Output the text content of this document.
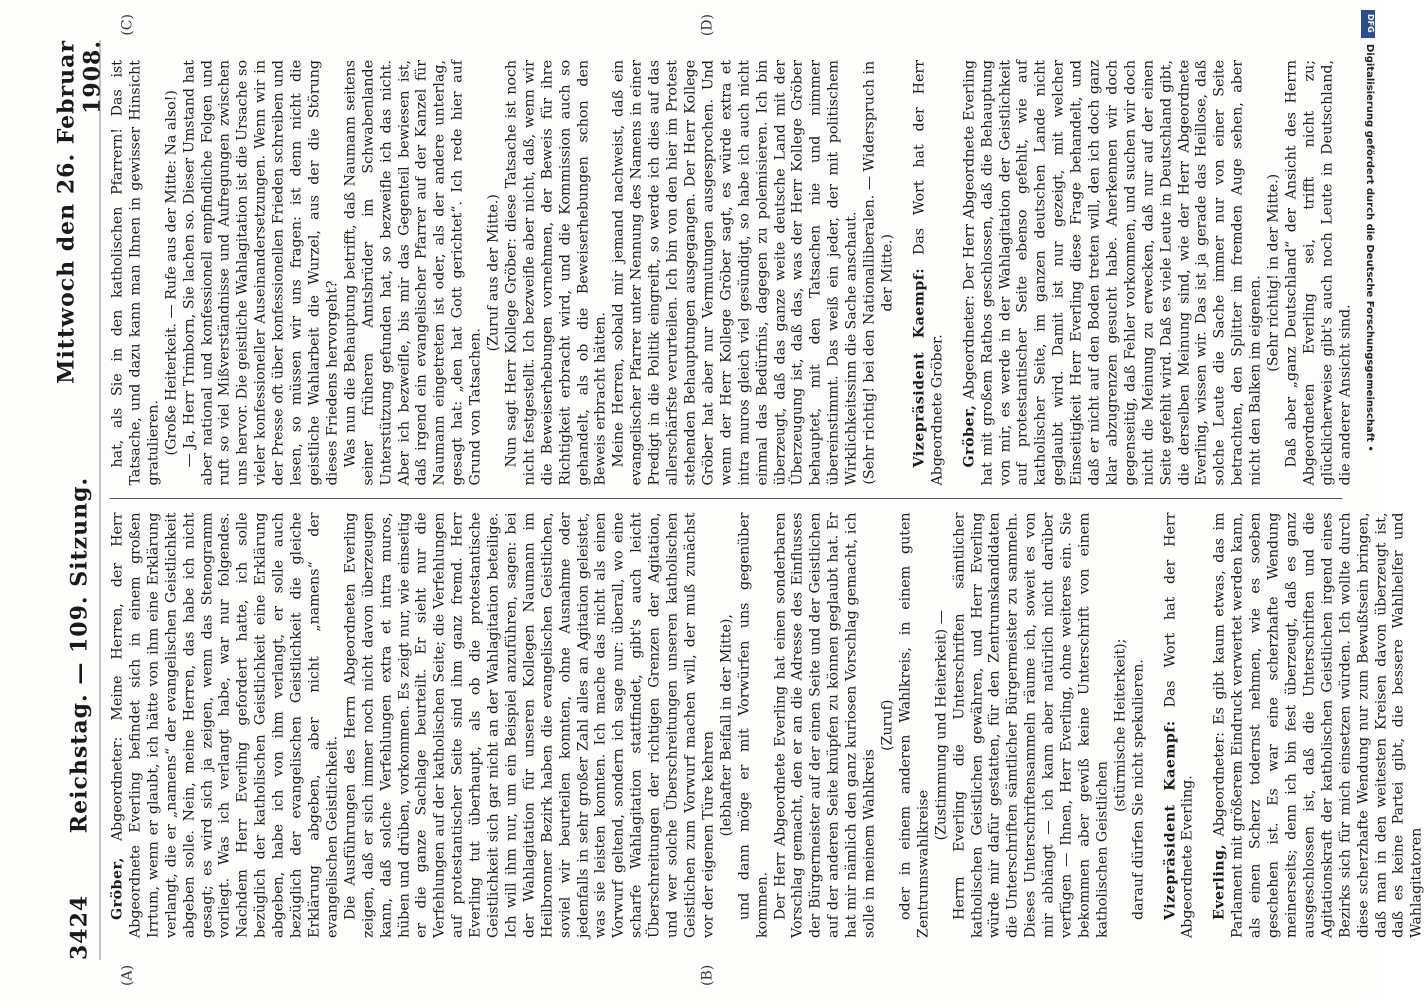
3424
Reichstag. — 109. Sitzung.
Mittwoch den 26. Februar 1908.
(A)	(B)
(C)	(D)

Gröber, Abgeordneter: Meine Herren, der Herr Abgeordnete Everling befindet sich in einem großen Irrtum, wenn er glaubt, ich hätte von ihm eine Erklärung verlangt, die er „namens“ der evangelischen Geistlichkeit abgeben solle. Nein, meine Herren, das habe ich nicht gesagt; es wird sich ja zeigen, wenn das Stenogramm vorliegt. Was ich verlangt habe, war nur folgendes. Nachdem Herr Everling gefordert hatte, ich solle bezüglich der katholischen Geistlichkeit eine Erklärung abgeben, habe ich von ihm verlangt, er solle auch bezüglich der evangelischen Geistlichkeit die gleiche Erklärung abgeben, aber nicht „namens“ der evangelischen Geistlichkeit. Die Ausführungen des Herrn Abgeordneten Everling zeigen, daß er sich immer noch nicht davon überzeugen kann, daß solche Verfehlungen extra et intra muros, hüben und drüben, vorkommen. Es zeigt nur, wie einseitig er die ganze Sachlage beurteilt. Er sieht nur die Verfehlungen auf der katholischen Seite; die Verfehlungen auf protestantischer Seite sind ihm ganz fremd. Herr Everling tut überhaupt, als ob die protestantische Geistlichkeit sich gar nicht an der Wahlagitation beteilige. Ich will ihm nur, um ein Beispiel anzuführen, sagen: bei der Wahlagitation für unseren Kollegen Naumann im Heilbronner Bezirk haben die evangelischen Geistlichen, soviel wir beurteilen konnten, ohne Ausnahme oder jedenfalls in sehr großer Zahl alles an Agitation geleistet, was sie leisten konnten. Ich mache das nicht als einen Vorwurf geltend, sondern ich sage nur: überall, wo eine scharfe Wahlagitation stattfindet, gibt's auch leicht Überschreitungen der richtigen Grenzen der Agitation, und wer solche Überschreitungen unseren katholischen Geistlichen zum Vorwurf machen will, der muß zunächst vor der eigenen Türe kehren (lebhafter Beifall in der Mitte), und dann möge er mit Vorwürfen uns gegenüber kommen. Der Herr Abgeordnete Everling hat einen sonderbaren Vorschlag gemacht, den er an die Adresse des Einflusses der Bürgermeister auf der einen Seite und der Geistlichen auf der anderen Seite knüpfen zu können geglaubt hat. Er hat mir nämlich den ganz kuriosen Vorschlag gemacht, ich solle in meinem Wahlkreis

(Zuruf) oder in einem anderen Wahlkreis, in einem guten Zentrumswahlkreise

(Zustimmung und Heiterkeit) — Herrn Everling die Unterschriften sämtlicher katholischen Geistlichen gewähren, und Herr Everling würde mir dafür gestatten, für den Zentrumskandidaten die Unterschriften sämtlicher Bürgermeister zu sammeln. Dieses Unterschriftensammeln räume ich, soweit es von mir abhängt — ich kann aber natürlich nicht darüber verfügen — Ihnen, Herr Everling, ohne weiteres ein. Sie bekommen aber gewiß keine Unterschrift von einem katholischen Geistlichen

(stürmische Heiterkeit); darauf dürfen Sie nicht spekulieren. Vizepräsident Kaempf: Das Wort hat der Herr Abgeordnete Everling. Everling, Abgeordneter: Es gibt kaum etwas, das im Parlament mit größerem Eindruck verwertet werden kann, als einen Scherz todernst nehmen, wie es soeben geschehen ist. Es war eine scherzhafte Wendung meinerseits; denn ich bin fest überzeugt, daß es ganz ausgeschlossen ist, daß die Unterschriften und die Agitationskraft der katholischen Geistlichen irgend eines Bezirks sich für mich einsetzen würden. Ich wollte durch diese scherzhafte Wendung nur zum Bewußtsein bringen, daß man in den weitesten Kreisen davon überzeugt ist, daß es keine Partei gibt, die bessere Wahlhelfer und Wahlagitatoren

hat, als Sie in den katholischen Pfarrern! Das ist Tatsache, und dazu kann man Ihnen in gewisser Hinsicht gratulieren. (Große Heiterkeit. — Rufe aus der Mitte: Na also!) — Ja, Herr Trimborn, Sie lachen so. Dieser Umstand hat aber national und konfessionell empfindliche Folgen und ruft so viel Mißverständnisse und Aufregungen zwischen uns hervor. Die geistliche Wahlagitation ist die Ursache so vieler konfessioneller Auseinandersetzungen. Wenn wir in der Presse oft über konfessionellen Frieden schreiben und lesen, so müssen wir uns fragen: ist denn nicht die geistliche Wahlarbeit die Wurzel, aus der die Störung dieses Friedens hervorgeht? Was nun die Behauptung betrifft, daß Naumann seitens seiner früheren Amtsbrüder im Schwabenlande Unterstützung gefunden hat, so bezweifle ich das nicht. Aber ich bezweifle, bis mir das Gegenteil bewiesen ist, daß irgend ein evangelischer Pfarrer auf der Kanzel für Naumann eingetreten ist oder, als der andere unterlag, gesagt hat: „den hat Gott gerichtet“. Ich rede hier auf Grund von Tatsachen.

(Zuruf aus der Mitte.) Nun sagt Herr Kollege Gröber: diese Tatsache ist noch nicht festgestellt. Ich bezweifle aber nicht, daß, wenn wir die Beweiserhebungen vornehmen, der Beweis für ihre Richtigkeit erbracht wird, und die Kommission auch so gehandelt, als ob die Beweiserhebungen schon den Beweis erbracht hätten. Meine Herren, sobald mir jemand nachweist, daß ein evangelischer Pfarrer unter Nennung des Namens in einer Predigt in die Politik eingreift, so werde ich dies auf das allerschärfste verurteilen. Ich bin von den hier im Protest stehenden Behauptungen ausgegangen. Der Herr Kollege Gröber hat aber nur Vermutungen ausgesprochen. Und wenn der Herr Kollege Gröber sagt, es würde extra et intra muros gleich viel gesündigt, so habe ich auch nicht einmal das Bedürfnis, dagegen zu polemisieren. Ich bin überzeugt, daß das ganze weite deutsche Land mit der Überzeugung ist, daß das, was der Herr Kollege Gröber behauptet, mit den Tatsachen nie und nimmer übereinstimmt. Das weiß ein jeder, der mit politischem Wirklichkeitssinn die Sache anschaut. (Sehr richtig! bei den Nationalliberalen. — Widerspruch in der Mitte.) Vizepräsident Kaempf: Das Wort hat der Herr Abgeordnete Gröber. Gröber, Abgeordneter: Der Herr Abgeordnete Everling hat mit großem Rathos geschlossen, daß die Behauptung von mir, es werde in der Wahlagitation der Geistlichkeit auf protestantischer Seite ebenso gefehlt, wie auf katholischer Seite, im ganzen deutschen Lande nicht geglaubt wird. Damit ist nur gezeigt, mit welcher Einseitigkeit Herr Everling diese Frage behandelt, und daß er nicht auf den Boden treten will, den ich doch ganz klar abzugrenzen gesucht habe. Anerkennen wir doch gegenseitig, daß Fehler vorkommen, und suchen wir doch nicht die Meinung zu erwecken, daß nur auf der einen Seite gefehlt wird. Daß es viele Leute in Deutschland gibt, die derselben Meinung sind, wie der Herr Abgeordnete Everling, wissen wir. Das ist ja gerade das Heillose, daß solche Leute die Sache immer nur von einer Seite betrachten, den Splitter im fremden Auge sehen, aber nicht den Balken im eigenen.

(Sehr richtig! in der Mitte.) Daß aber „ganz Deutschland“ der Ansicht des Herrn Abgeordneten Everling sei, trifft nicht zu; glücklicherweise gibt's auch noch Leute in Deutschland, die anderer Ansicht sind.

DFG
Digitalisierung gefördert durch die Deutsche Forschungsgemeinschaft •
